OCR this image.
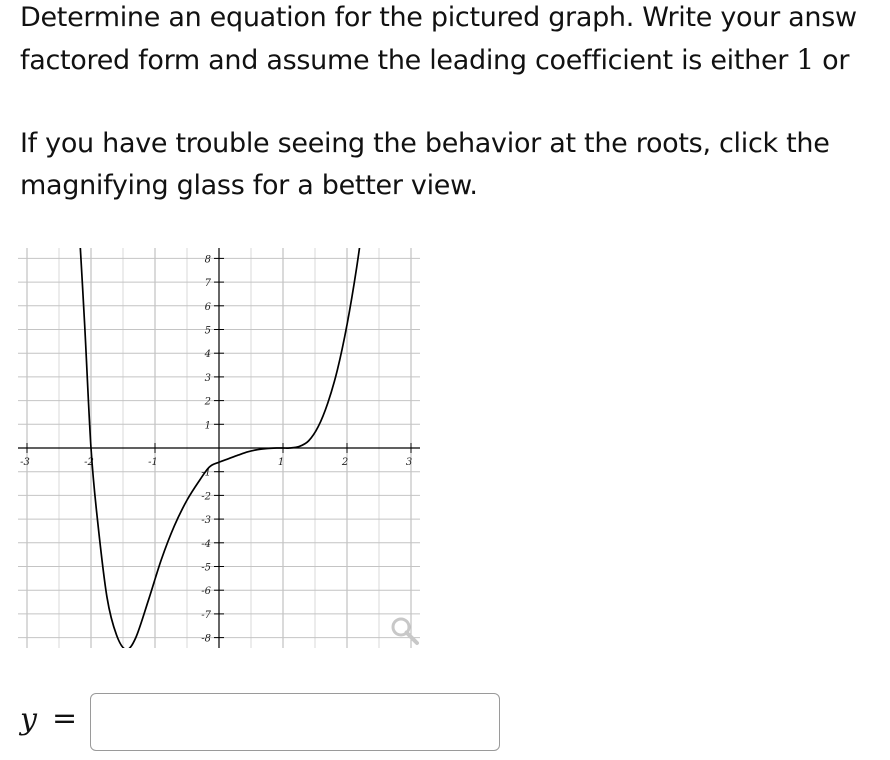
Determine an equation for the pictured graph. Write your answ
factored form and assume the leading coefficient is either 1 or
If you have trouble seeing the behavior at the roots, click the
magnifying glass for a better view.
-3	-2	-1	1	2	3
1
2
3
4
5
6
7
8
-1
-2
-3
-4
-5
-6
-7
-8
y =
